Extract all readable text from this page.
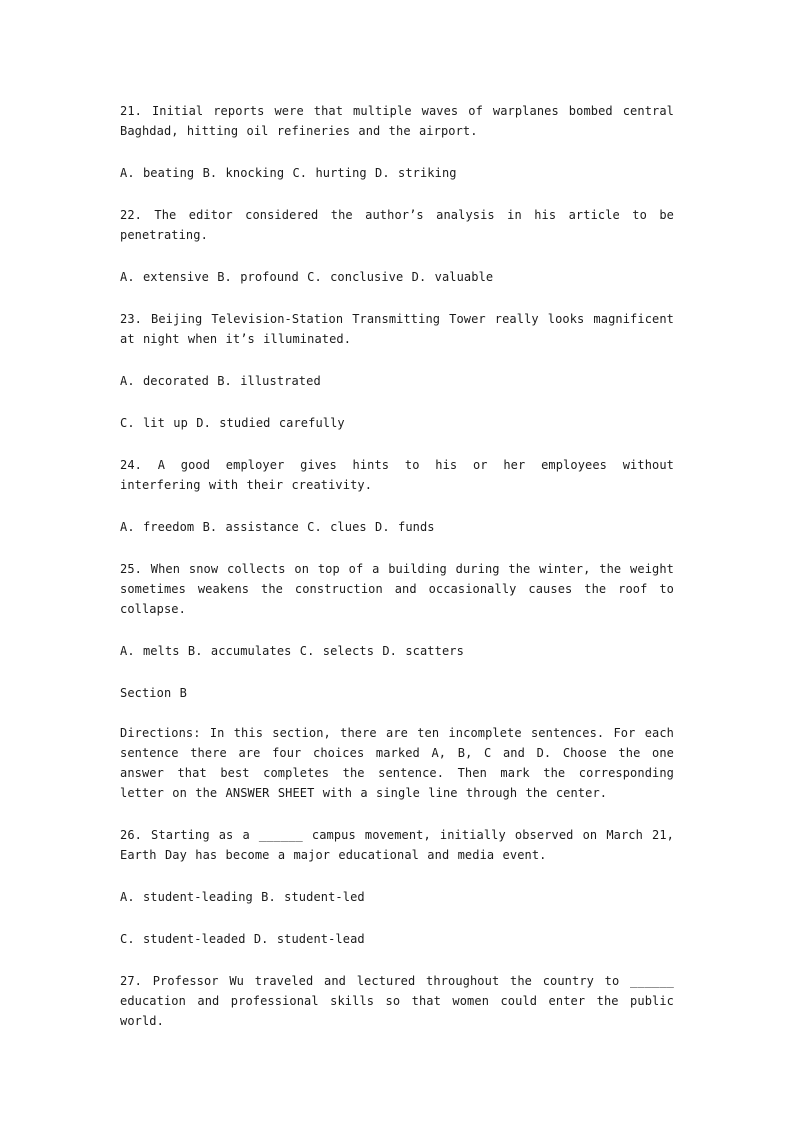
21. Initial reports were that multiple waves of warplanes bombed central Baghdad, hitting oil refineries and the airport.

A. beating B. knocking C. hurting D. striking

22. The editor considered the author’s analysis in his article to be penetrating.

A. extensive B. profound C. conclusive D. valuable

23. Beijing Television-Station Transmitting Tower really looks magnificent at night when it’s illuminated.

A. decorated B. illustrated

C. lit up D. studied carefully

24. A good employer gives hints to his or her employees without interfering with their creativity.

A. freedom B. assistance C. clues D. funds

25. When snow collects on top of a building during the winter, the weight sometimes weakens the construction and occasionally causes the roof to collapse.

A. melts B. accumulates C. selects D. scatters

Section B

Directions: In this section, there are ten incomplete sentences. For each sentence there are four choices marked A, B, C and D. Choose the one answer that best completes the sentence. Then mark the corresponding letter on the ANSWER SHEET with a single line through the center.

26. Starting as a ______ campus movement, initially observed on March 21, Earth Day has become a major educational and media event.

A. student-leading B. student-led

C. student-leaded D. student-lead

27. Professor Wu traveled and lectured throughout the country to ______ education and professional skills so that women could enter the public world.
